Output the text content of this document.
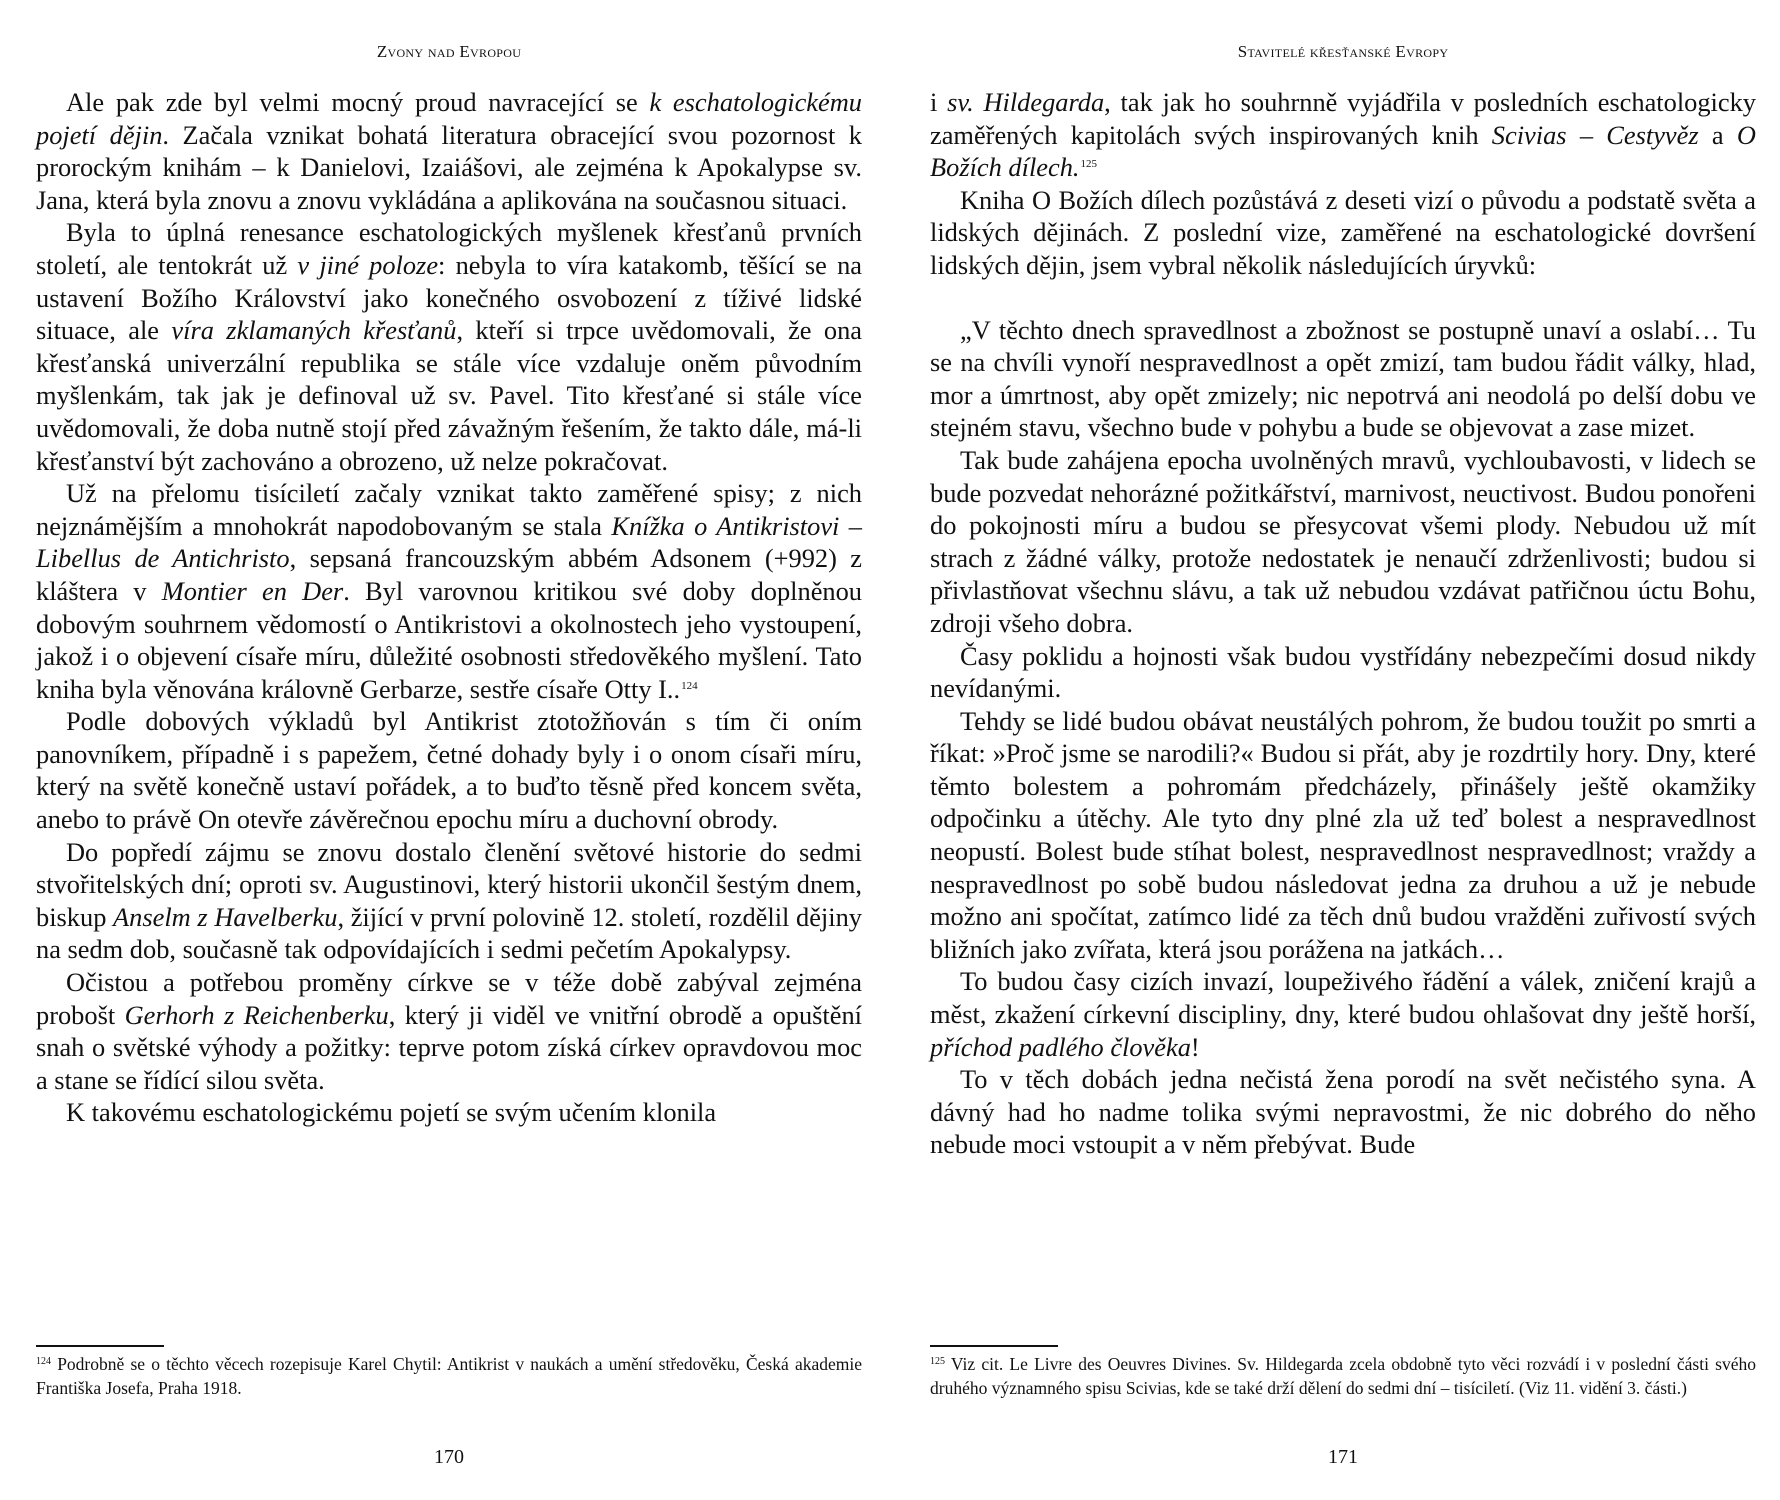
Zvony nad Evropou

Ale pak zde byl velmi mocný proud navracející se k eschatologickému pojetí dějin. Začala vznikat bohatá literatura obracející svou pozornost k prorockým knihám – k Danielovi, Izaiášovi, ale zejména k Apokalypse sv. Jana, která byla znovu a znovu vykládána a aplikována na současnou situaci.

Byla to úplná renesance eschatologických myšlenek křesťanů prvních století, ale tentokrát už v jiné poloze: nebyla to víra katakomb, těšící se na ustavení Božího Království jako konečného osvobození z tíživé lidské situace, ale víra zklamaných křesťanů, kteří si trpce uvědomovali, že ona křesťanská univerzální republika se stále více vzdaluje oněm původním myšlenkám, tak jak je definoval už sv. Pavel. Tito křesťané si stále více uvědomovali, že doba nutně stojí před závažným řešením, že takto dále, má-li křesťanství být zachováno a obrozeno, už nelze pokračovat.

Už na přelomu tisíciletí začaly vznikat takto zaměřené spisy; z nich nejznámějším a mnohokrát napodobovaným se stala Knížka o Antikristovi – Libellus de Antichristo, sepsaná francouzským abbém Adsonem (+992) z kláštera v Montier en Der. Byl varovnou kritikou své doby doplněnou dobovým souhrnem vědomostí o Antikristovi a okolnostech jeho vystoupení, jakož i o objevení císaře míru, důležité osobnosti středověkého myšlení. Tato kniha byla věnována královně Gerbarze, sestře císaře Otty I..$^{124}$

Podle dobových výkladů byl Antikrist ztotožňován s tím či oním panovníkem, případně i s papežem, četné dohady byly i o onom císaři míru, který na světě konečně ustaví pořádek, a to buďto těsně před koncem světa, anebo to právě On otevře závěrečnou epochu míru a duchovní obrody.

Do popředí zájmu se znovu dostalo členění světové historie do sedmi stvořitelských dní; oproti sv. Augustinovi, který historii ukončil šestým dnem, biskup Anselm z Havelberku, žijící v první polovině 12. století, rozdělil dějiny na sedm dob, současně tak odpovídajících i sedmi pečetím Apokalypsy.

Očistou a potřebou proměny církve se v téže době zabýval zejména probošt Gerhorh z Reichenberku, který ji viděl ve vnitřní obrodě a opuštění snah o světské výhody a požitky: teprve potom získá církev opravdovou moc a stane se řídící silou světa.

K takovému eschatologickému pojetí se svým učením klonila

$^{124}$ Podrobně se o těchto věcech rozepisuje Karel Chytil: Antikrist v naukách a umění středověku, Česká akademie Františka Josefa, Praha 1918.

170
Stavitelé křesťanské Evropy

i sv. Hildegarda, tak jak ho souhrnně vyjádřila v posledních eschatologicky zaměřených kapitolách svých inspirovaných knih Scivias – Cestyvěz a O Božích dílech.$^{125}$

Kniha O Božích dílech pozůstává z deseti vizí o původu a podstatě světa a lidských dějinách. Z poslední vize, zaměřené na eschatologické dovršení lidských dějin, jsem vybral několik následujících úryvků:

„V těchto dnech spravedlnost a zbožnost se postupně unaví a oslabí… Tu se na chvíli vynoří nespravedlnost a opět zmizí, tam budou řádit války, hlad, mor a úmrtnost, aby opět zmizely; nic nepotrvá ani neodolá po delší dobu ve stejném stavu, všechno bude v pohybu a bude se objevovat a zase mizet.

Tak bude zahájena epocha uvolněných mravů, vychloubavosti, v lidech se bude pozvedat nehorázné požitkářství, marnivost, neuctivost. Budou ponořeni do pokojnosti míru a budou se přesycovat všemi plody. Nebudou už mít strach z žádné války, protože nedostatek je nenaučí zdrženlivosti; budou si přivlastňovat všechnu slávu, a tak už nebudou vzdávat patřičnou úctu Bohu, zdroji všeho dobra.

Časy poklidu a hojnosti však budou vystřídány nebezpečími dosud nikdy nevídanými.

Tehdy se lidé budou obávat neustálých pohrom, že budou toužit po smrti a říkat: »Proč jsme se narodili?« Budou si přát, aby je rozdrtily hory. Dny, které těmto bolestem a pohromám předcházely, přinášely ještě okamžiky odpočinku a útěchy. Ale tyto dny plné zla už teď bolest a nespravedlnost neopustí. Bolest bude stíhat bolest, nespravedlnost nespravedlnost; vraždy a nespravedlnost po sobě budou následovat jedna za druhou a už je nebude možno ani spočítat, zatímco lidé za těch dnů budou vražděni zuřivostí svých bližních jako zvířata, která jsou porážena na jatkách…

To budou časy cizích invazí, loupeživého řádění a válek, zničení krajů a měst, zkažení církevní discipliny, dny, které budou ohlašovat dny ještě horší, příchod padlého člověka!

To v těch dobách jedna nečistá žena porodí na svět nečistého syna. A dávný had ho nadme tolika svými nepravostmi, že nic dobrého do něho nebude moci vstoupit a v něm přebývat. Bude

$^{125}$ Viz cit. Le Livre des Oeuvres Divines. Sv. Hildegarda zcela obdobně tyto věci rozvádí i v poslední části svého druhého významného spisu Scivias, kde se také drží dělení do sedmi dní – tisíciletí. (Viz 11. vidění 3. části.)

171
